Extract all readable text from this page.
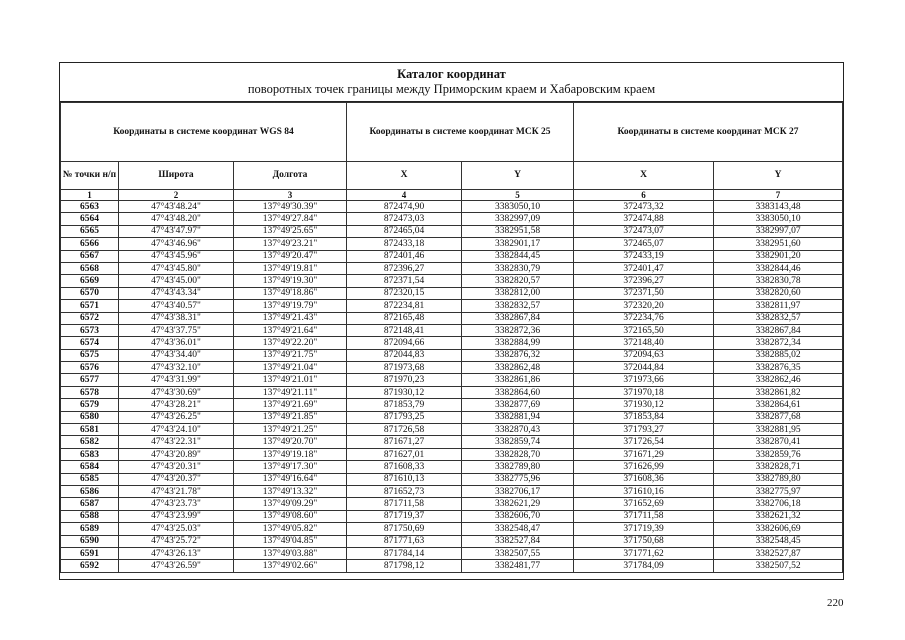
Каталог координат
поворотных точек границы между Приморским краем и Хабаровским краем
Координаты в системе координат WGS 84			Координаты в системе координат МСК 25		Координаты в системе координат МСК 27	
№ точки н/п	Широта	Долгота	X	Y	X	Y
1	2	3	4	5	6	7
6563	47°43'48.24"	137°49'30.39"	872474,90	3383050,10	372473,32	3383143,48
6564	47°43'48.20"	137°49'27.84"	872473,03	3382997,09	372474,88	3383050,10
6565	47°43'47.97"	137°49'25.65"	872465,04	3382951,58	372473,07	3382997,07
6566	47°43'46.96"	137°49'23.21"	872433,18	3382901,17	372465,07	3382951,60
6567	47°43'45.96"	137°49'20.47"	872401,46	3382844,45	372433,19	3382901,20
6568	47°43'45.80"	137°49'19.81"	872396,27	3382830,79	372401,47	3382844,46
6569	47°43'45.00"	137°49'19.30"	872371,54	3382820,57	372396,27	3382830,78
6570	47°43'43.34"	137°49'18.86"	872320,15	3382812,00	372371,50	3382820,60
6571	47°43'40.57"	137°49'19.79"	872234,81	3382832,57	372320,20	3382811,97
6572	47°43'38.31"	137°49'21.43"	872165,48	3382867,84	372234,76	3382832,57
6573	47°43'37.75"	137°49'21.64"	872148,41	3382872,36	372165,50	3382867,84
6574	47°43'36.01"	137°49'22.20"	872094,66	3382884,99	372148,40	3382872,34
6575	47°43'34.40"	137°49'21.75"	872044,83	3382876,32	372094,63	3382885,02
6576	47°43'32.10"	137°49'21.04"	871973,68	3382862,48	372044,84	3382876,35
6577	47°43'31.99"	137°49'21.01"	871970,23	3382861,86	371973,66	3382862,46
6578	47°43'30.69"	137°49'21.11"	871930,12	3382864,60	371970,18	3382861,82
6579	47°43'28.21"	137°49'21.69"	871853,79	3382877,69	371930,12	3382864,61
6580	47°43'26.25"	137°49'21.85"	871793,25	3382881,94	371853,84	3382877,68
6581	47°43'24.10"	137°49'21.25"	871726,58	3382870,43	371793,27	3382881,95
6582	47°43'22.31"	137°49'20.70"	871671,27	3382859,74	371726,54	3382870,41
6583	47°43'20.89"	137°49'19.18"	871627,01	3382828,70	371671,29	3382859,76
6584	47°43'20.31"	137°49'17.30"	871608,33	3382789,80	371626,99	3382828,71
6585	47°43'20.37"	137°49'16.64"	871610,13	3382775,96	371608,36	3382789,80
6586	47°43'21.78"	137°49'13.32"	871652,73	3382706,17	371610,16	3382775,97
6587	47°43'23.73"	137°49'09.29"	871711,58	3382621,29	371652,69	3382706,18
6588	47°43'23.99"	137°49'08.60"	871719,37	3382606,70	371711,58	3382621,32
6589	47°43'25.03"	137°49'05.82"	871750,69	3382548,47	371719,39	3382606,69
6590	47°43'25.72"	137°49'04.85"	871771,63	3382527,84	371750,68	3382548,45
6591	47°43'26.13"	137°49'03.88"	871784,14	3382507,55	371771,62	3382527,87
6592	47°43'26.59"	137°49'02.66"	871798,12	3382481,77	371784,09	3382507,52
220
